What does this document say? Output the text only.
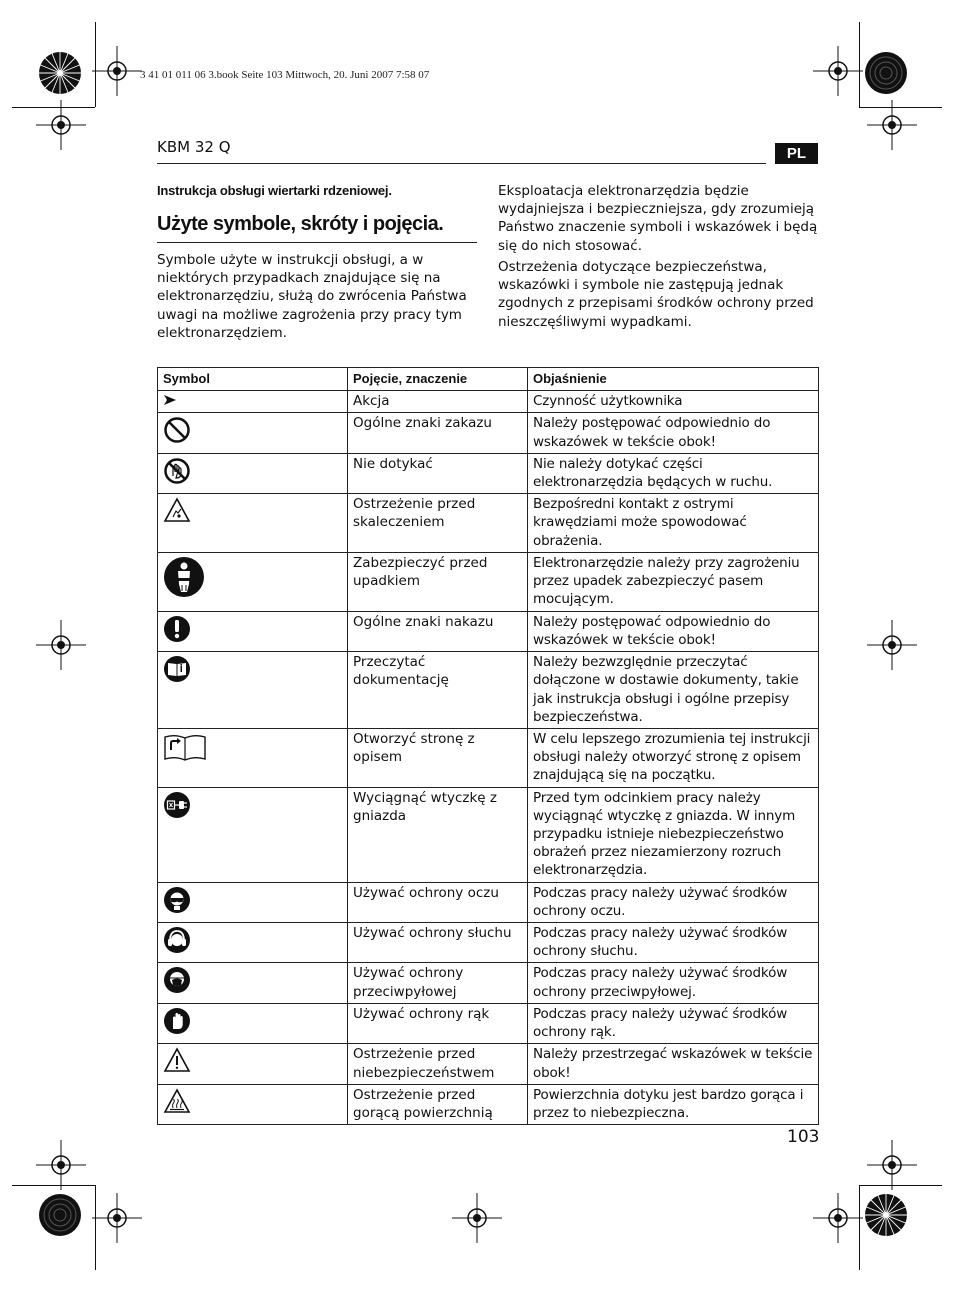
3 41 01 011 06 3.book Seite 103 Mittwoch, 20. Juni 2007 7:58 07
KBM 32 Q	PL
Instrukcja obsługi wiertarki rdzeniowej.
Użyte symbole, skróty i pojęcia.
Symbole użyte w instrukcji obsługi, a w
niektórych przypadkach znajdujące się na
elektronarzędziu, służą do zwrócenia Państwa
uwagi na możliwe zagrożenia przy pracy tym
elektronarzędziem.
Eksploatacja elektronarzędzia będzie
wydajniejsza i bezpieczniejsza, gdy zrozumieją
Państwo znaczenie symboli i wskazówek i będą
się do nich stosować.
Ostrzeżenia dotyczące bezpieczeństwa,
wskazówki i symbole nie zastępują jednak
zgodnych z przepisami środków ochrony przed
nieszczęśliwymi wypadkami.
Symbol	Pojęcie, znaczenie	Objaśnienie

	Akcja	Czynność użytkownika

	Ogólne znaki zakazu	Należy postępować odpowiednio do wskazówek w tekście obok!

	Nie dotykać	Nie należy dotykać części elektronarzędzia będących w ruchu.

	Ostrzeżenie przed skaleczeniem	Bezpośredni kontakt z ostrymi krawędziami może spowodować obrażenia.

	Zabezpieczyć przed upadkiem	Elektronarzędzie należy przy zagrożeniu przez upadek zabezpieczyć pasem mocującym.

	Ogólne znaki nakazu	Należy postępować odpowiednio do wskazówek w tekście obok!

	Przeczytać dokumentację	Należy bezwzględnie przeczytać dołączone w dostawie dokumenty, takie jak instrukcja obsługi i ogólne przepisy bezpieczeństwa.

	Otworzyć stronę z opisem	W celu lepszego zrozumienia tej instrukcji obsługi należy otworzyć stronę z opisem znajdującą się na początku.

	Wyciągnąć wtyczkę z gniazda	Przed tym odcinkiem pracy należy wyciągnąć wtyczkę z gniazda. W innym przypadku istnieje niebezpieczeństwo obrażeń przez niezamierzony rozruch elektronarzędzia.

	Używać ochrony oczu	Podczas pracy należy używać środków ochrony oczu.

	Używać ochrony słuchu	Podczas pracy należy używać środków ochrony słuchu.

	Używać ochrony przeciwpyłowej	Podczas pracy należy używać środków ochrony przeciwpyłowej.

	Używać ochrony rąk	Podczas pracy należy używać środków ochrony rąk.

	Ostrzeżenie przed niebezpieczeństwem	Należy przestrzegać wskazówek w tekście obok!

	Ostrzeżenie przed gorącą powierzchnią	Powierzchnia dotyku jest bardzo gorąca i przez to niebezpieczna.
103
